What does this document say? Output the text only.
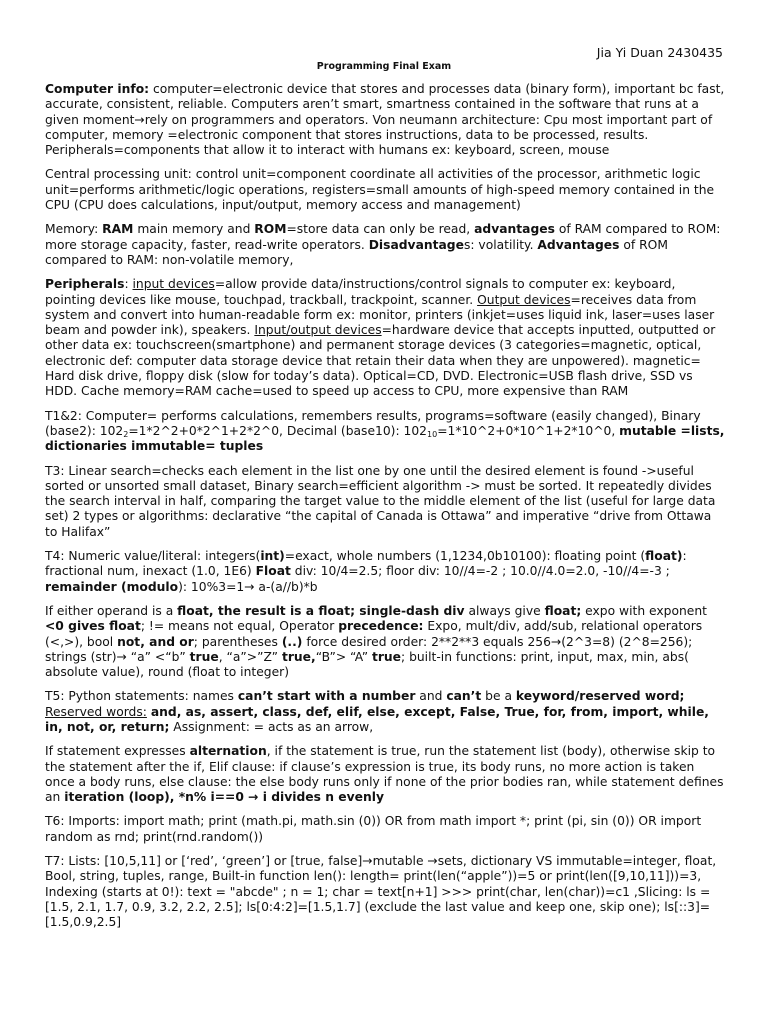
Jia Yi Duan 2430435
Programming Final Exam

Computer info: computer=electronic device that stores and processes data (binary form), important bc fast, accurate, consistent, reliable. Computers aren’t smart, smartness contained in the software that runs at a given moment→rely on programmers and operators. Von neumann architecture: Cpu most important part of computer, memory =electronic component that stores instructions, data to be processed, results. Peripherals=components that allow it to interact with humans ex: keyboard, screen, mouse

Central processing unit: control unit=component coordinate all activities of the processor, arithmetic logic unit=performs arithmetic/logic operations, registers=small amounts of high-speed memory contained in the CPU (CPU does calculations, input/output, memory access and management)

Memory: RAM main memory and ROM=store data can only be read, advantages of RAM compared to ROM: more storage capacity, faster, read-write operators. Disadvantages: volatility. Advantages of ROM compared to RAM: non-volatile memory,

Peripherals: input devices=allow provide data/instructions/control signals to computer ex: keyboard, pointing devices like mouse, touchpad, trackball, trackpoint, scanner. Output devices=receives data from system and convert into human-readable form ex: monitor, printers (inkjet=uses liquid ink, laser=uses laser beam and powder ink), speakers. Input/output devices=hardware device that accepts inputted, outputted or other data ex: touchscreen(smartphone) and permanent storage devices (3 categories=magnetic, optical, electronic def: computer data storage device that retain their data when they are unpowered). magnetic= Hard disk drive, floppy disk (slow for today’s data). Optical=CD, DVD. Electronic=USB flash drive, SSD vs HDD. Cache memory=RAM cache=used to speed up access to CPU, more expensive than RAM

T1&2: Computer= performs calculations, remembers results, programs=software (easily changed), Binary (base2): $102_2=1*2\^{}2+0*2\^{}1+2*2\^{}0$, Decimal (base10): $102_{10}=1*10\^{}2+0*10\^{}1+2*10\^{}0$, mutable =lists, dictionaries immutable= tuples

T3: Linear search=checks each element in the list one by one until the desired element is found ->useful sorted or unsorted small dataset, Binary search=efficient algorithm -> must be sorted. It repeatedly divides the search interval in half, comparing the target value to the middle element of the list (useful for large data set) 2 types or algorithms: declarative “the capital of Canada is Ottawa” and imperative “drive from Ottawa to Halifax”

T4: Numeric value/literal: integers(int)=exact, whole numbers (1,1234,0b10100): floating point (float): fractional num, inexact (1.0, 1E6) Float div: 10/4=2.5; floor div: 10//4=-2 ; 10.0//4.0=2.0, -10//4=-3 ; remainder (modulo): 10%3=1→ a-(a//b)*b

If either operand is a float, the result is a float; single-dash div always give float; expo with exponent <0 gives float; != means not equal, Operator precedence: Expo, mult/div, add/sub, relational operators (<,>), bool not, and or; parentheses (..) force desired order: 2**2**3 equals 256→(2^3=8) (2^8=256); strings (str)→ “a” <“b” true, “a”>”Z” true,“B”> “A” true; built-in functions: print, input, max, min, abs( absolute value), round (float to integer)

T5: Python statements: names can’t start with a number and can’t be a keyword/reserved word; Reserved words: and, as, assert, class, def, elif, else, except, False, True, for, from, import, while, in, not, or, return; Assignment: = acts as an arrow,

If statement expresses alternation, if the statement is true, run the statement list (body), otherwise skip to the statement after the if, Elif clause: if clause’s expression is true, its body runs, no more action is taken once a body runs, else clause: the else body runs only if none of the prior bodies ran, while statement defines an iteration (loop), *n% i==0 → i divides n evenly

T6: Imports: import math; print (math.pi, math.sin (0)) OR from math import *; print (pi, sin (0)) OR import random as rnd; print(rnd.random())

T7: Lists: [10,5,11] or [‘red’, ‘green’] or [true, false]→mutable →sets, dictionary VS immutable=integer, float, Bool, string, tuples, range, Built-in function len(): length= print(len(“apple”))=5 or print(len([9,10,11]))=3, Indexing (starts at 0!): text = "abcde" ; n = 1; char = text[n+1] >>> print(char, len(char))=c1 ,Slicing: ls = [1.5, 2.1, 1.7, 0.9, 3.2, 2.2, 2.5]; ls[0:4:2]=[1.5,1.7] (exclude the last value and keep one, skip one); ls[::3]=[1.5,0.9,2.5]
